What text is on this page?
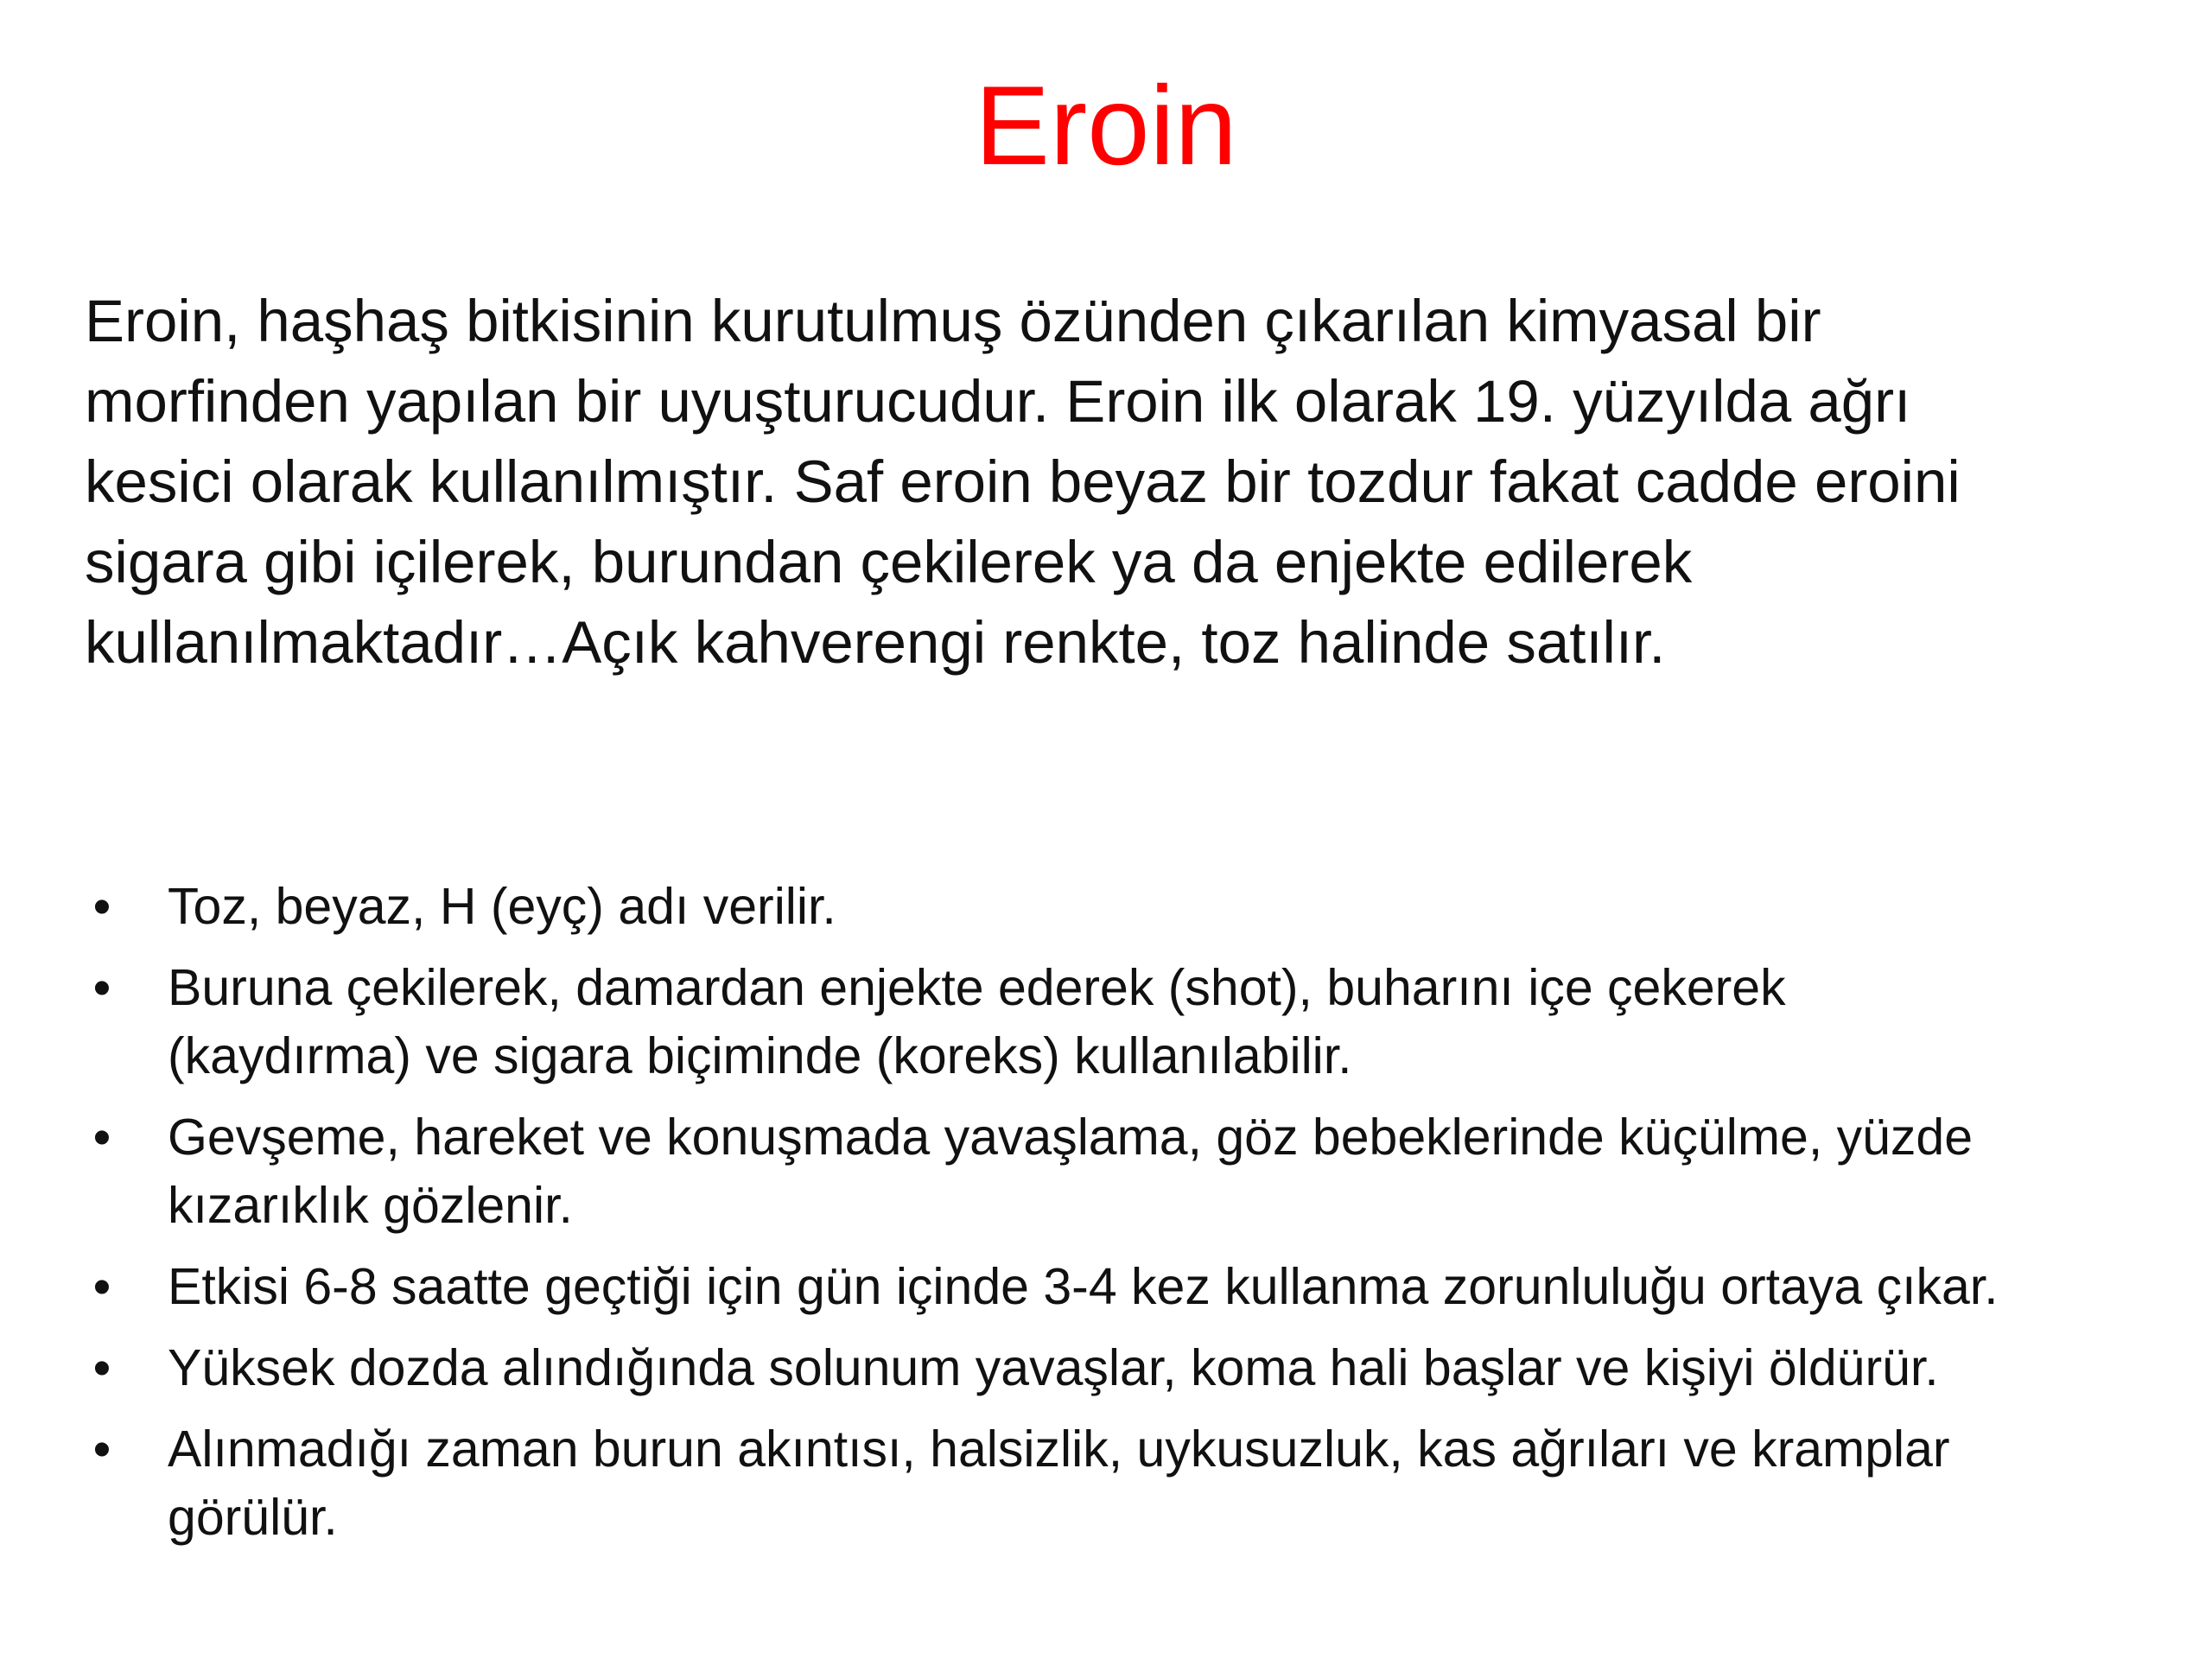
Eroin

Eroin, haşhaş bitkisinin kurutulmuş özünden çıkarılan kimyasal bir
morfinden yapılan bir uyuşturucudur. Eroin ilk olarak 19. yüzyılda ağrı
kesici olarak kullanılmıştır. Saf eroin beyaz bir tozdur fakat cadde eroini
sigara gibi içilerek, burundan çekilerek ya da enjekte edilerek
kullanılmaktadır…Açık kahverengi renkte, toz halinde satılır.

• Toz, beyaz, H (eyç) adı verilir.
• Buruna çekilerek, damardan enjekte ederek (shot), buharını içe çekerek
(kaydırma) ve sigara biçiminde (koreks) kullanılabilir.
• Gevşeme, hareket ve konuşmada yavaşlama, göz bebeklerinde küçülme, yüzde
kızarıklık gözlenir.
• Etkisi 6-8 saatte geçtiği için gün içinde 3-4 kez kullanma zorunluluğu ortaya çıkar.
• Yüksek dozda alındığında solunum yavaşlar, koma hali başlar ve kişiyi öldürür.
• Alınmadığı zaman burun akıntısı, halsizlik, uykusuzluk, kas ağrıları ve kramplar
görülür.
